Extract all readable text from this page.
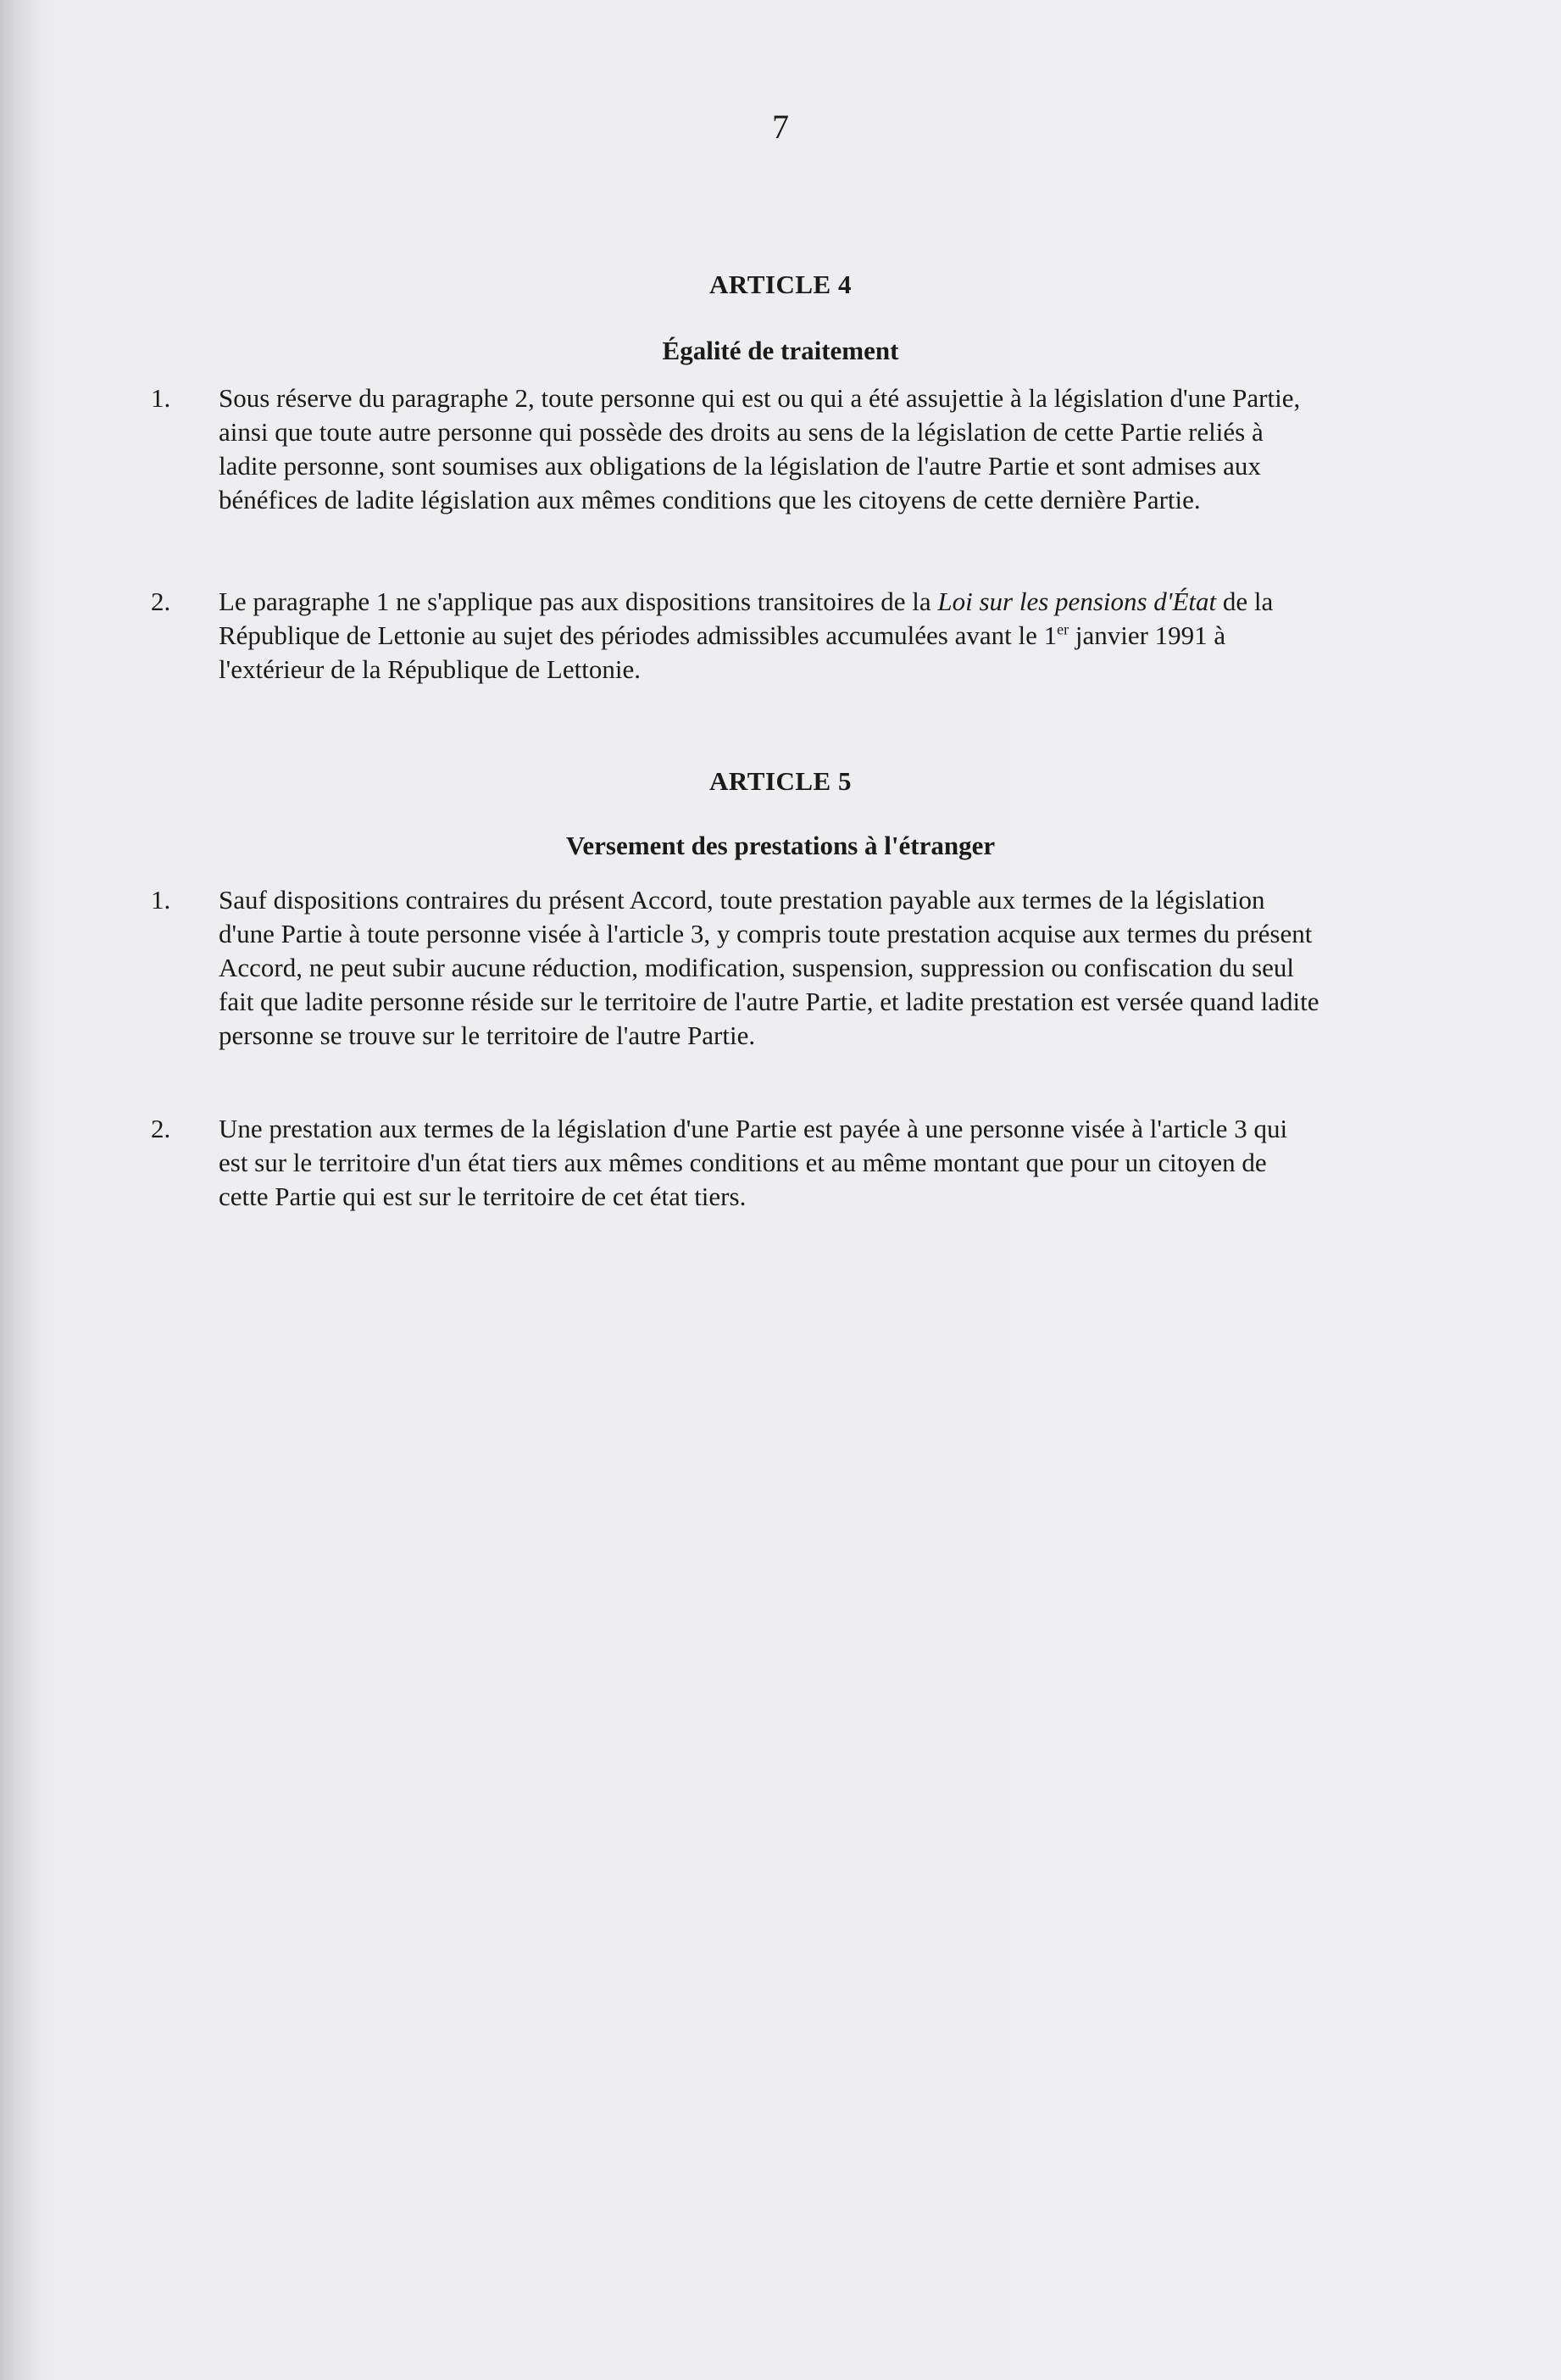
7
ARTICLE 4
Égalité de traitement
1.	Sous réserve du paragraphe 2, toute personne qui est ou qui a été assujettie à la législation d'une Partie, ainsi que toute autre personne qui possède des droits au sens de la législation de cette Partie reliés à ladite personne, sont soumises aux obligations de la législation de l'autre Partie et sont admises aux bénéfices de ladite législation aux mêmes conditions que les citoyens de cette dernière Partie.
2.	Le paragraphe 1 ne s'applique pas aux dispositions transitoires de la Loi sur les pensions d'État de la République de Lettonie au sujet des périodes admissibles accumulées avant le 1er janvier 1991 à l'extérieur de la République de Lettonie.
ARTICLE 5
Versement des prestations à l'étranger
1.	Sauf dispositions contraires du présent Accord, toute prestation payable aux termes de la législation d'une Partie à toute personne visée à l'article 3, y compris toute prestation acquise aux termes du présent Accord, ne peut subir aucune réduction, modification, suspension, suppression ou confiscation du seul fait que ladite personne réside sur le territoire de l'autre Partie, et ladite prestation est versée quand ladite personne se trouve sur le territoire de l'autre Partie.
2.	Une prestation aux termes de la législation d'une Partie est payée à une personne visée à l'article 3 qui est sur le territoire d'un état tiers aux mêmes conditions et au même montant que pour un citoyen de cette Partie qui est sur le territoire de cet état tiers.
